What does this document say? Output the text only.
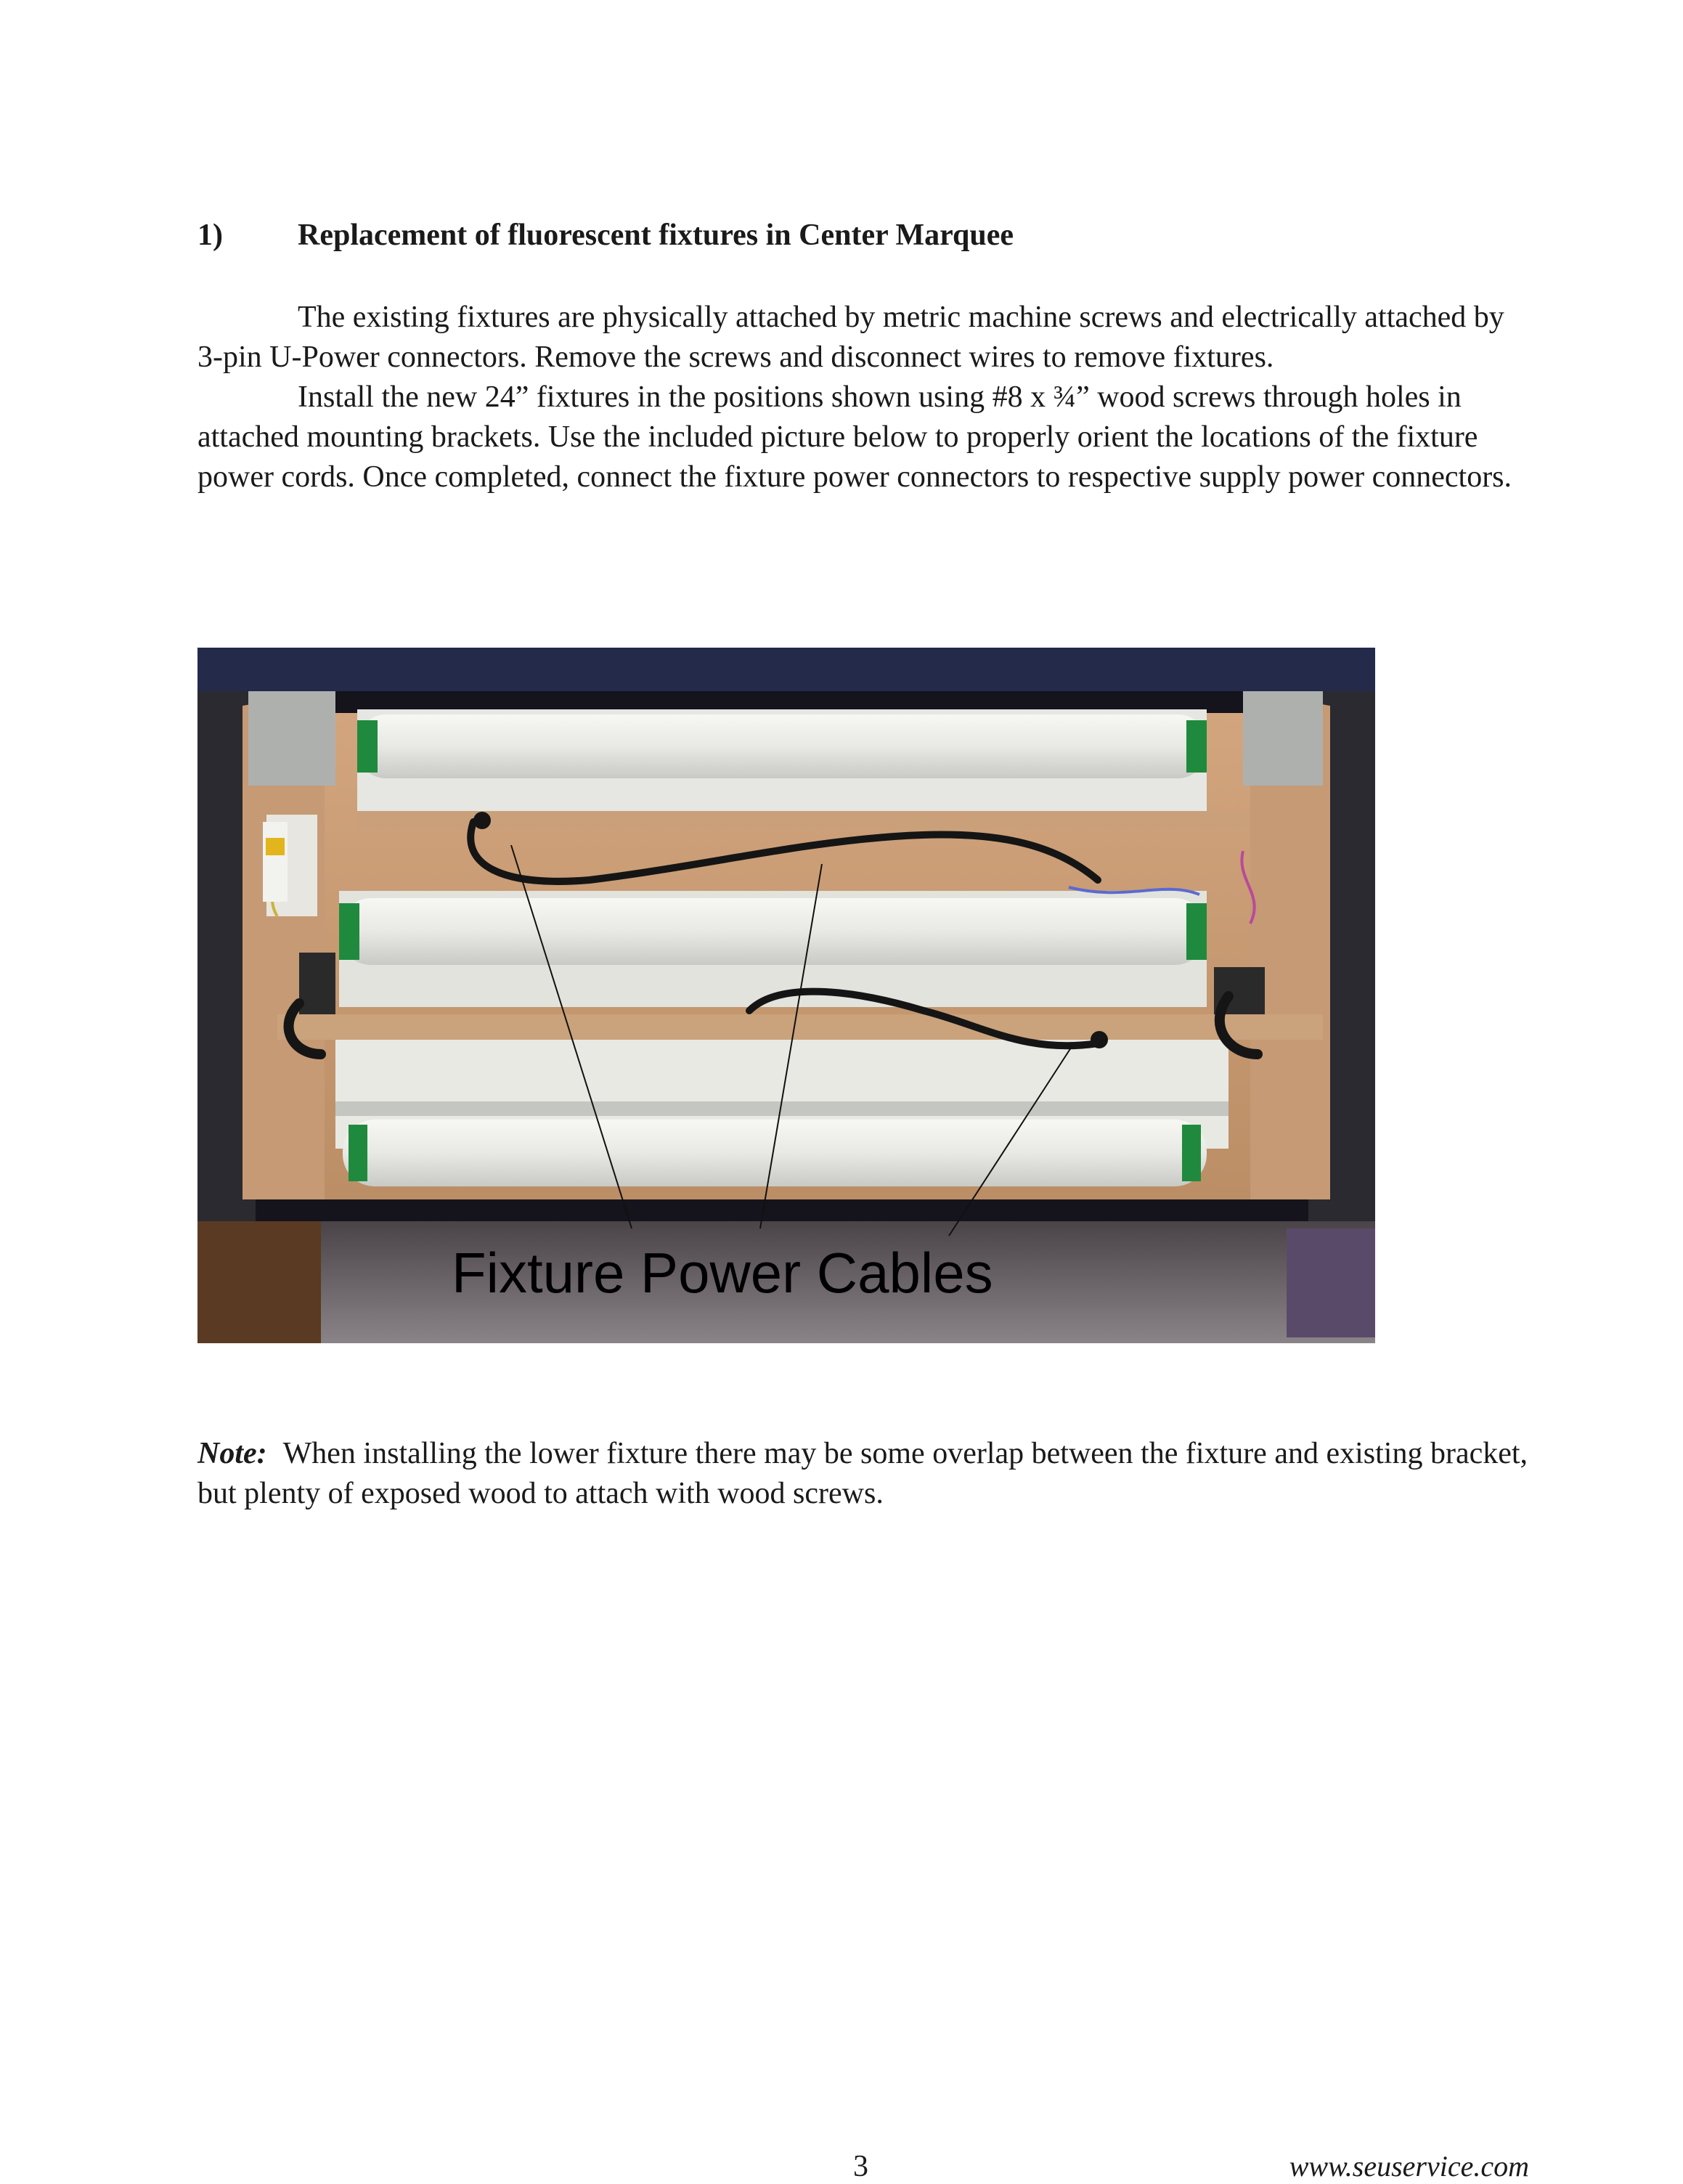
1) Replacement of fluorescent fixtures in Center Marquee

The existing fixtures are physically attached by metric machine screws and electrically attached by 3-pin U-Power connectors. Remove the screws and disconnect wires to remove fixtures.

Install the new 24” fixtures in the positions shown using #8 x ¾” wood screws through holes in attached mounting brackets. Use the included picture below to properly orient the locations of the fixture power cords. Once completed, connect the fixture power connectors to respective supply power connectors.

Fixture Power Cables

Note: When installing the lower fixture there may be some overlap between the fixture and existing bracket, but plenty of exposed wood to attach with wood screws.

3	www.seuservice.com
